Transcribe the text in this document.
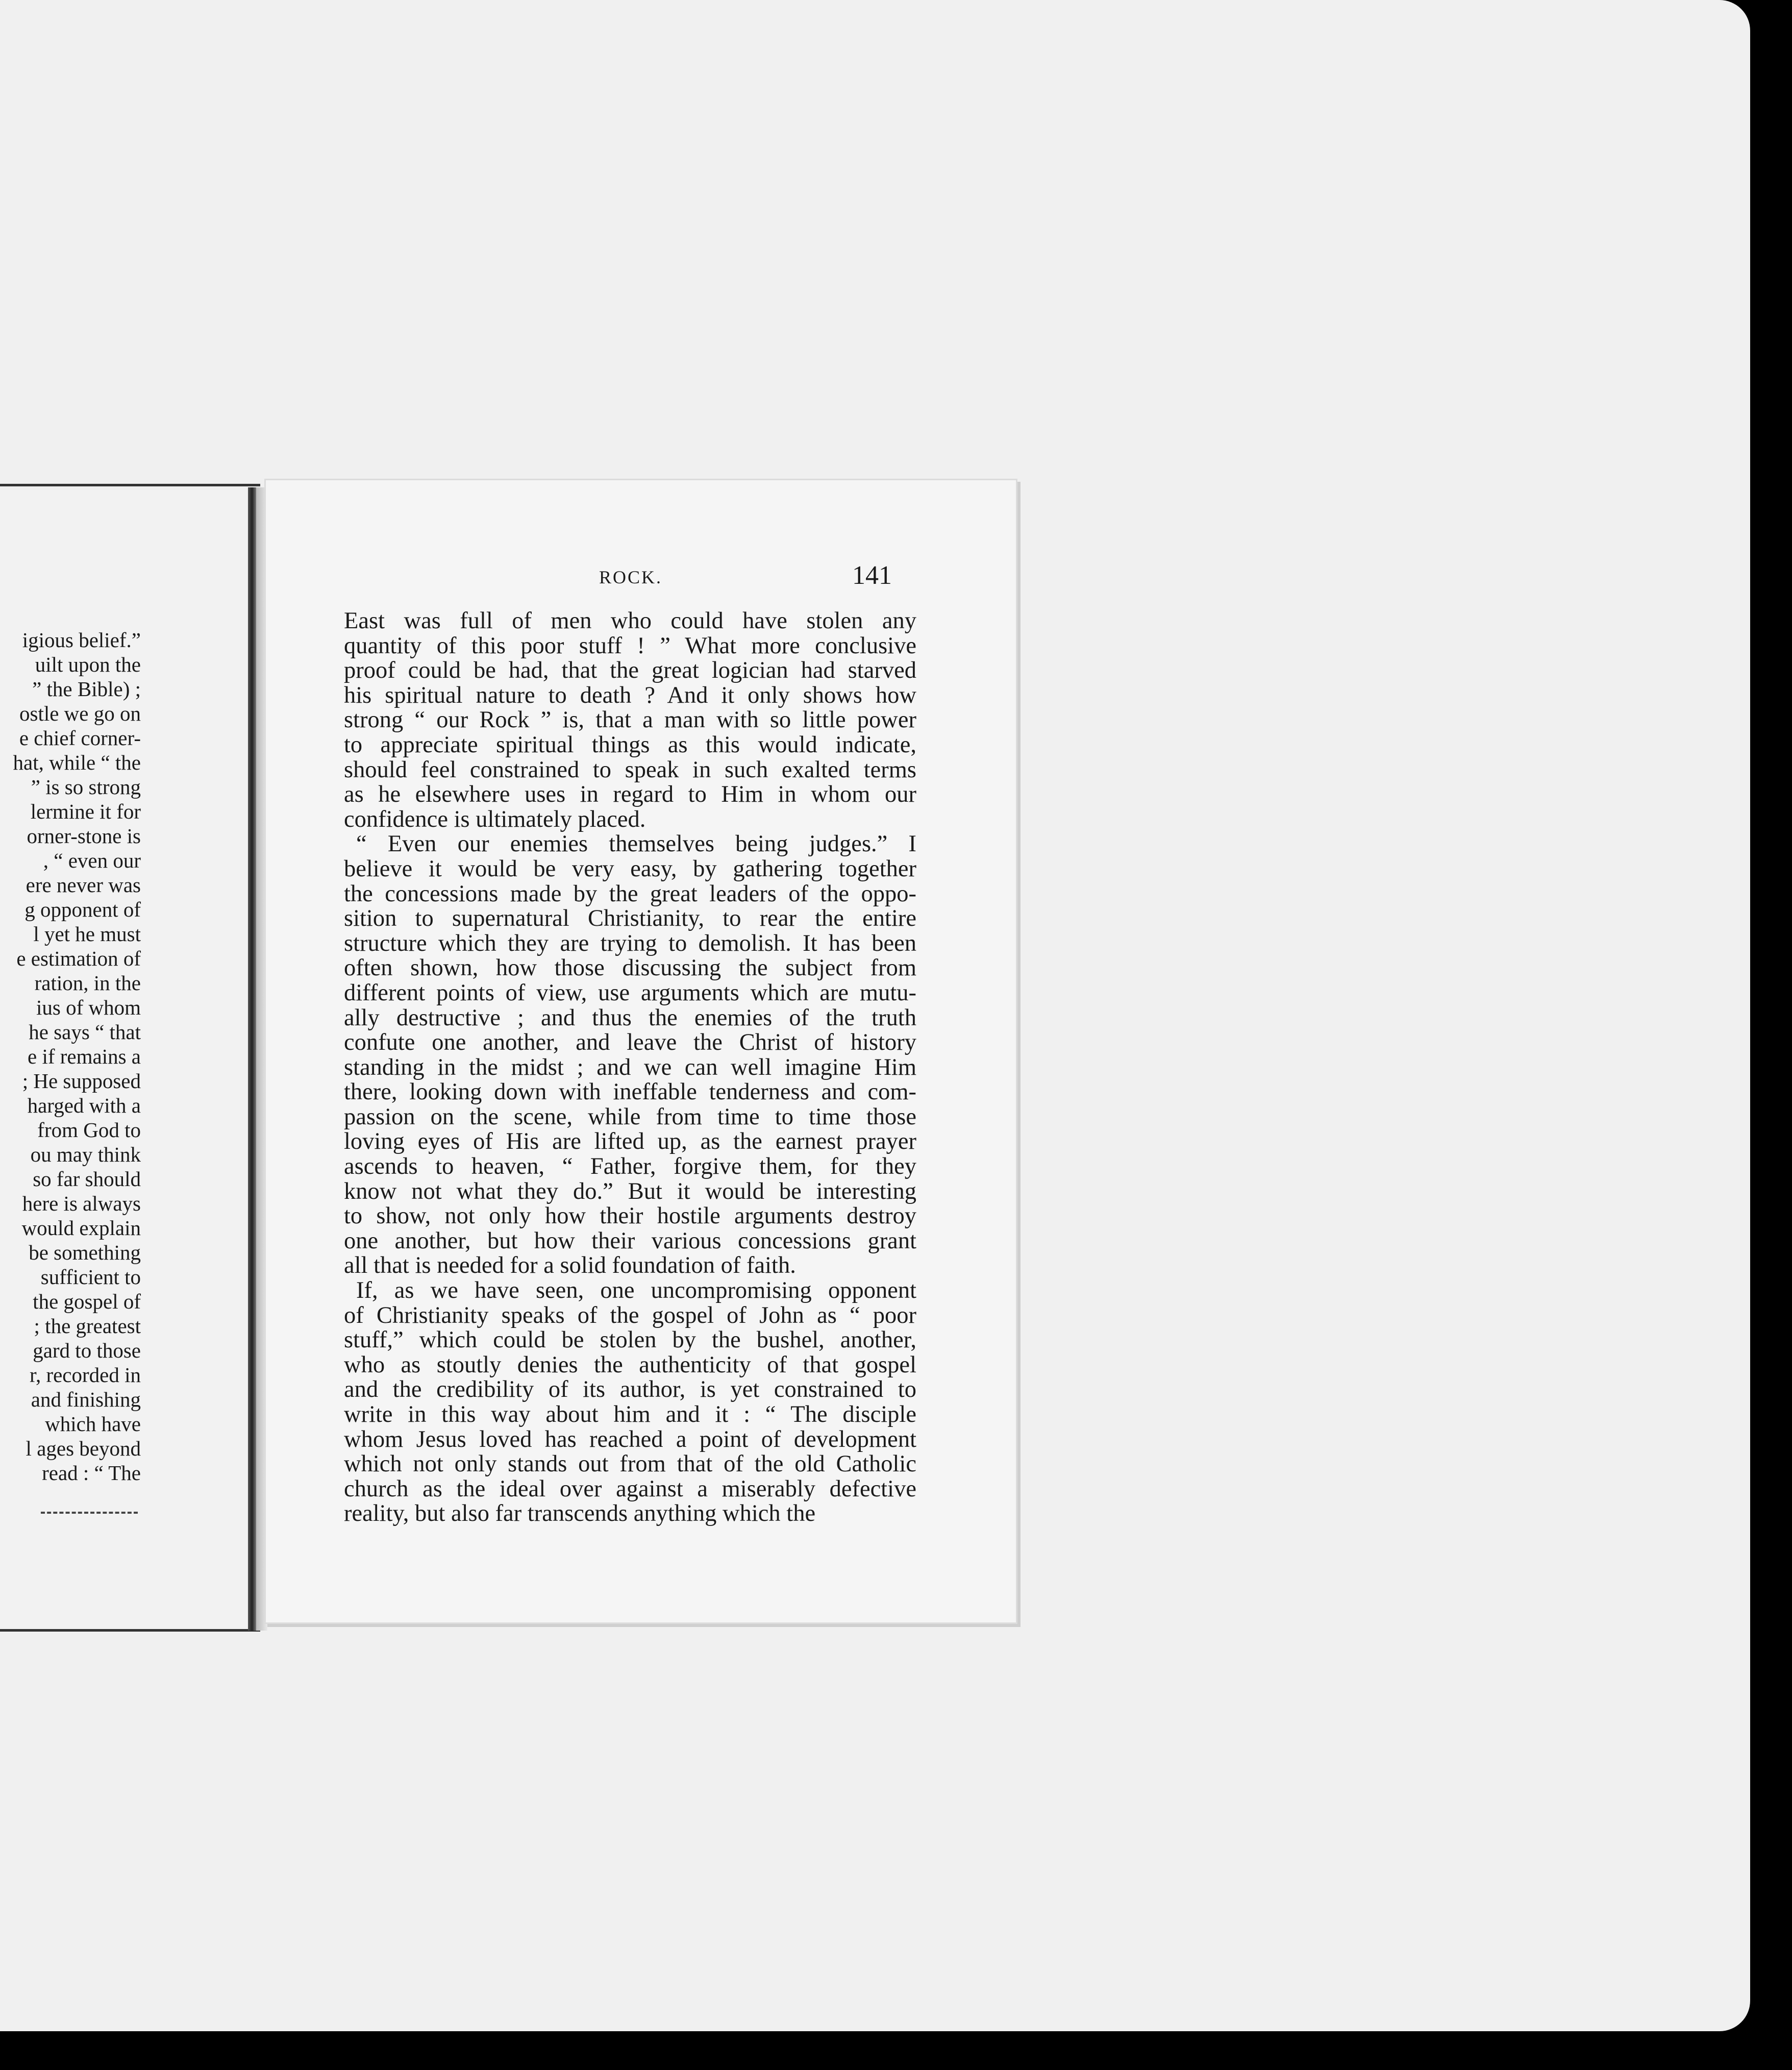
igious belief.”
uilt upon the
” the Bible) ;
ostle we go on
e chief corner-
hat, while “ the
” is so strong
lermine it for
orner-stone is
, “ even our
ere never was
g opponent of
l yet he must
e estimation of
ration, in the
ius of whom
he says “ that
e if remains a
; He supposed
harged with a
from God to
ou may think
so far should
here is always
would explain
be something
sufficient to
the gospel of
; the greatest
gard to those
r, recorded in
and finishing
which have
l ages beyond
read : “ The
ROCK.	141
East was full of men who could have stolen any
quantity of this poor stuff ! ” What more conclusive
proof could be had, that the great logician had starved
his spiritual nature to death ? And it only shows how
strong “ our Rock ” is, that a man with so little power
to appreciate spiritual things as this would indicate,
should feel constrained to speak in such exalted terms
as he elsewhere uses in regard to Him in whom our
confidence is ultimately placed.
“ Even our enemies themselves being judges.” I
believe it would be very easy, by gathering together
the concessions made by the great leaders of the oppo-
sition to supernatural Christianity, to rear the entire
structure which they are trying to demolish. It has been
often shown, how those discussing the subject from
different points of view, use arguments which are mutu-
ally destructive ; and thus the enemies of the truth
confute one another, and leave the Christ of history
standing in the midst ; and we can well imagine Him
there, looking down with ineffable tenderness and com-
passion on the scene, while from time to time those
loving eyes of His are lifted up, as the earnest prayer
ascends to heaven, “ Father, forgive them, for they
know not what they do.” But it would be interesting
to show, not only how their hostile arguments destroy
one another, but how their various concessions grant
all that is needed for a solid foundation of faith.
If, as we have seen, one uncompromising opponent
of Christianity speaks of the gospel of John as “ poor
stuff,” which could be stolen by the bushel, another,
who as stoutly denies the authenticity of that gospel
and the credibility of its author, is yet constrained to
write in this way about him and it : “ The disciple
whom Jesus loved has reached a point of development
which not only stands out from that of the old Catholic
church as the ideal over against a miserably defective
reality, but also far transcends anything which the
